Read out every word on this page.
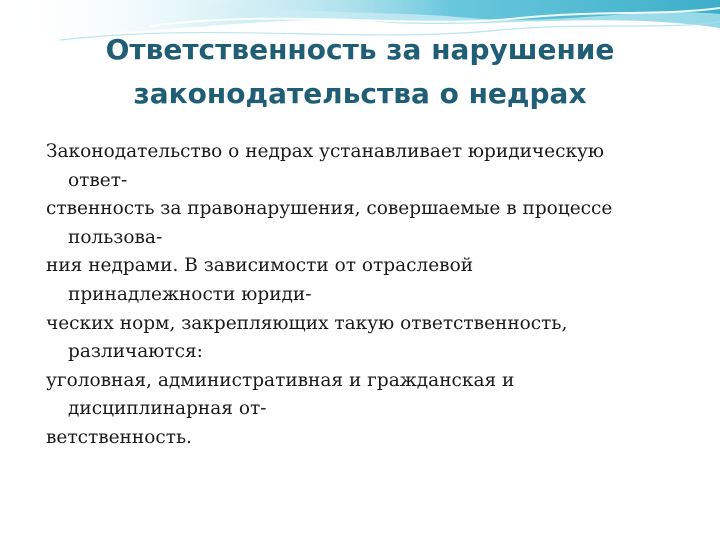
Ответственность за нарушение
законодательства о недрах
Законодательство о недрах устанавливает юридическую
ответ-
ственность за правонарушения, совершаемые в процессе
пользова-
ния недрами. В зависимости от отраслевой
принадлежности юриди-
ческих норм, закрепляющих такую ответственность,
различаются:
уголовная, административная и гражданская и
дисциплинарная от-
ветственность.
